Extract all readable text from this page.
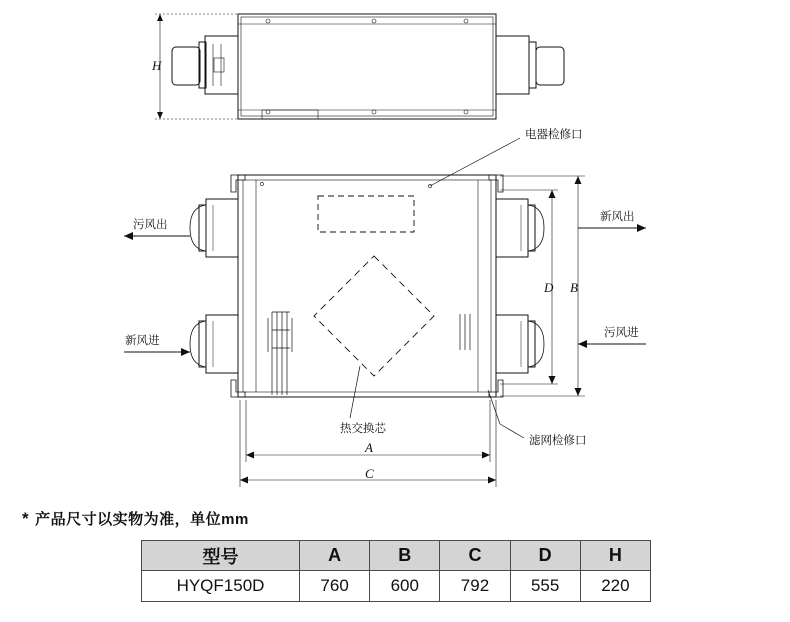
电器检修口
热交换芯
滤网检修口
污风出
新风出
新风进
污风进
H
A
B
C
D
* 产品尺寸以实物为准，单位mm
型号	A	B	C	D	H
HYQF150D	760	600	792	555	220
